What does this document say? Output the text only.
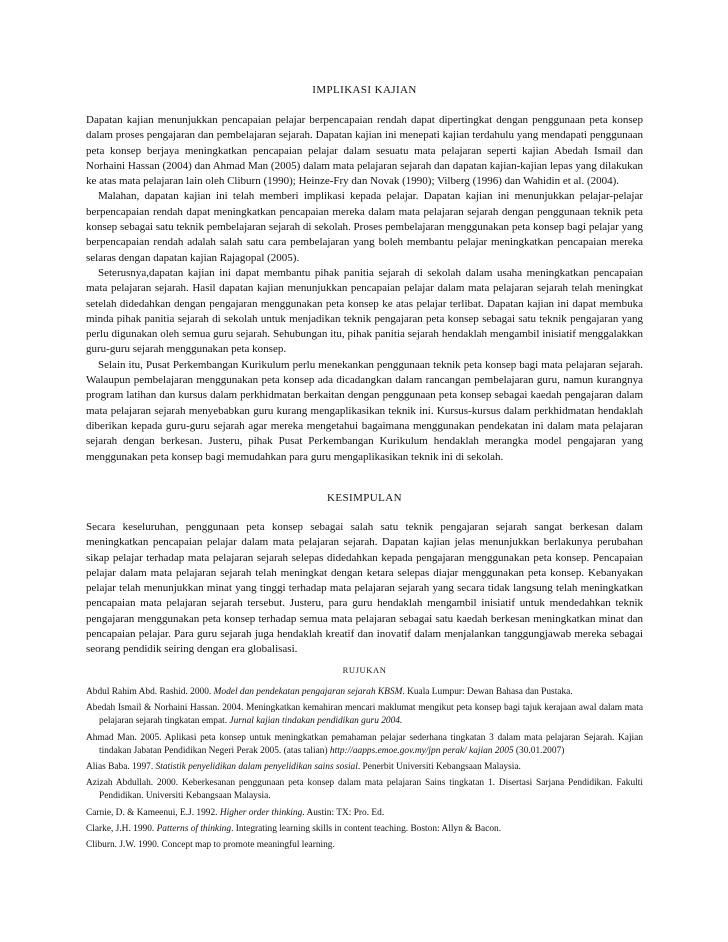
IMPLIKASI KAJIAN

Dapatan kajian menunjukkan pencapaian pelajar berpencapaian rendah dapat dipertingkat dengan penggunaan peta konsep dalam proses pengajaran dan pembelajaran sejarah. Dapatan kajian ini menepati kajian terdahulu yang mendapati penggunaan peta konsep berjaya meningkatkan pencapaian pelajar dalam sesuatu mata pelajaran seperti kajian Abedah Ismail dan Norhaini Hassan (2004) dan Ahmad Man (2005) dalam mata pelajaran sejarah dan dapatan kajian-kajian lepas yang dilakukan ke atas mata pelajaran lain oleh Cliburn (1990); Heinze-Fry dan Novak (1990); Vilberg (1996) dan Wahidin et al. (2004).

Malahan, dapatan kajian ini telah memberi implikasi kepada pelajar. Dapatan kajian ini menunjukkan pelajar-pelajar berpencapaian rendah dapat meningkatkan pencapaian mereka dalam mata pelajaran sejarah dengan penggunaan teknik peta konsep sebagai satu teknik pembelajaran sejarah di sekolah. Proses pembelajaran menggunakan peta konsep bagi pelajar yang berpencapaian rendah adalah salah satu cara pembelajaran yang boleh membantu pelajar meningkatkan pencapaian mereka selaras dengan dapatan kajian Rajagopal (2005).

Seterusnya,dapatan kajian ini dapat membantu pihak panitia sejarah di sekolah dalam usaha meningkatkan pencapaian mata pelajaran sejarah. Hasil dapatan kajian menunjukkan pencapaian pelajar dalam mata pelajaran sejarah telah meningkat setelah didedahkan dengan pengajaran menggunakan peta konsep ke atas pelajar terlibat. Dapatan kajian ini dapat membuka minda pihak panitia sejarah di sekolah untuk menjadikan teknik pengajaran peta konsep sebagai satu teknik pengajaran yang perlu digunakan oleh semua guru sejarah. Sehubungan itu, pihak panitia sejarah hendaklah mengambil inisiatif menggalakkan guru-guru sejarah menggunakan peta konsep.

Selain itu, Pusat Perkembangan Kurikulum perlu menekankan penggunaan teknik peta konsep bagi mata pelajaran sejarah. Walaupun pembelajaran menggunakan peta konsep ada dicadangkan dalam rancangan pembelajaran guru, namun kurangnya program latihan dan kursus dalam perkhidmatan berkaitan dengan penggunaan peta konsep sebagai kaedah pengajaran dalam mata pelajaran sejarah menyebabkan guru kurang mengaplikasikan teknik ini. Kursus-kursus dalam perkhidmatan hendaklah diberikan kepada guru-guru sejarah agar mereka mengetahui bagaimana menggunakan pendekatan ini dalam mata pelajaran sejarah dengan berkesan. Justeru, pihak Pusat Perkembangan Kurikulum hendaklah merangka model pengajaran yang menggunakan peta konsep bagi memudahkan para guru mengaplikasikan teknik ini di sekolah.

KESIMPULAN

Secara keseluruhan, penggunaan peta konsep sebagai salah satu teknik pengajaran sejarah sangat berkesan dalam meningkatkan pencapaian pelajar dalam mata pelajaran sejarah. Dapatan kajian jelas menunjukkan berlakunya perubahan sikap pelajar terhadap mata pelajaran sejarah selepas didedahkan kepada pengajaran menggunakan peta konsep. Pencapaian pelajar dalam mata pelajaran sejarah telah meningkat dengan ketara selepas diajar menggunakan peta konsep. Kebanyakan pelajar telah menunjukkan minat yang tinggi terhadap mata pelajaran sejarah yang secara tidak langsung telah meningkatkan pencapaian mata pelajaran sejarah tersebut. Justeru, para guru hendaklah mengambil inisiatif untuk mendedahkan teknik pengajaran menggunakan peta konsep terhadap semua mata pelajaran sebagai satu kaedah berkesan meningkatkan minat dan pencapaian pelajar. Para guru sejarah juga hendaklah kreatif dan inovatif dalam menjalankan tanggungjawab mereka sebagai seorang pendidik seiring dengan era globalisasi.

RUJUKAN

Abdul Rahim Abd. Rashid. 2000. Model dan pendekatan pengajaran sejarah KBSM. Kuala Lumpur: Dewan Bahasa dan Pustaka.

Abedah Ismail & Norhaini Hassan. 2004. Meningkatkan kemahiran mencari maklumat mengikut peta konsep bagi tajuk kerajaan awal dalam mata pelajaran sejarah tingkatan empat. Jurnal kajian tindakan pendidikan guru 2004.

Ahmad Man. 2005. Aplikasi peta konsep untuk meningkatkan pemahaman pelajar sederhana tingkatan 3 dalam mata pelajaran Sejarah. Kajian tindakan Jabatan Pendidikan Negeri Perak 2005. (atas talian) http://aapps.emoe.gov.my/jpn perak/ kajian 2005 (30.01.2007)

Alias Baba. 1997. Statistik penyelidikan dalam penyelidikan sains sosial. Penerbit Universiti Kebangsaan Malaysia.

Azizah Abdullah. 2000. Keberkesanan penggunaan peta konsep dalam mata pelajaran Sains tingkatan 1. Disertasi Sarjana Pendidikan. Fakulti Pendidikan. Universiti Kebangsaan Malaysia.

Carnie, D. & Kameenui, E.J. 1992. Higher order thinking. Austin: TX: Pro. Ed.

Clarke, J.H. 1990. Patterns of thinking. Integrating learning skills in content teaching. Boston: Allyn & Bacon.

Cliburn. J.W. 1990. Concept map to promote meaningful learning.
